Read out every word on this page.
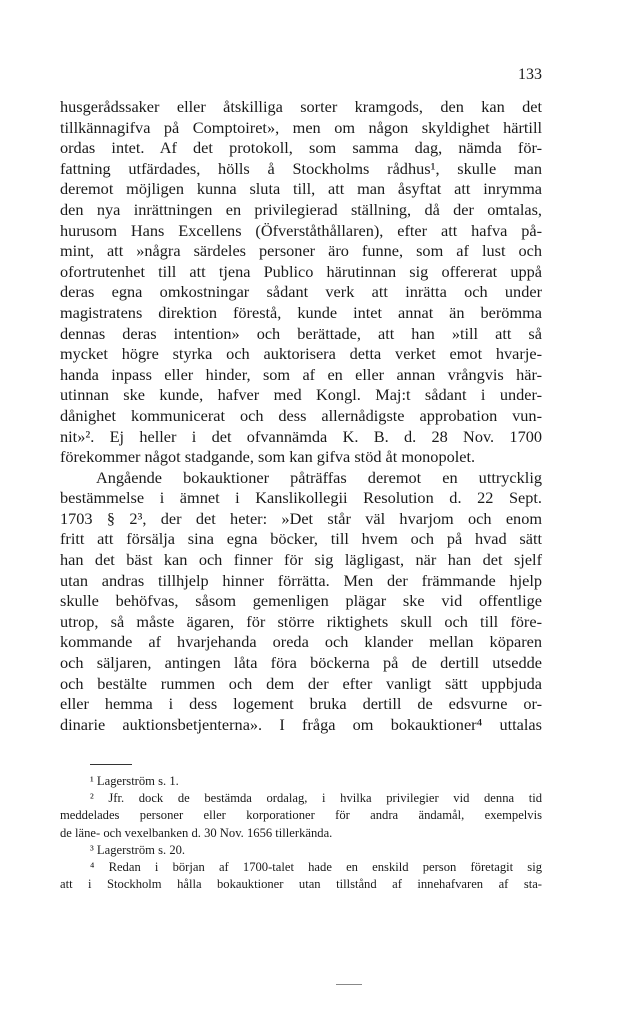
133
husgerådssaker eller åtskilliga sorter kramgods, den kan det
tillkännagifva på Comptoiret», men om någon skyldighet härtill
ordas intet. Af det protokoll, som samma dag, nämda för-
fattning utfärdades, hölls å Stockholms rådhus¹, skulle man
deremot möjligen kunna sluta till, att man åsyftat att inrymma
den nya inrättningen en privilegierad ställning, då der omtalas,
hurusom Hans Excellens (Öfverståthållaren), efter att hafva på-
mint, att »några särdeles personer äro funne, som af lust och
ofortrutenhet till att tjena Publico härutinnan sig offererat uppå
deras egna omkostningar sådant verk att inrätta och under
magistratens direktion förestå, kunde intet annat än berömma
dennas deras intention» och berättade, att han »till att så
mycket högre styrka och auktorisera detta verket emot hvarje-
handa inpass eller hinder, som af en eller annan vrångvis här-
utinnan ske kunde, hafver med Kongl. Maj:t sådant i under-
dånighet kommunicerat och dess allernådigste approbation vun-
nit»². Ej heller i det ofvannämda K. B. d. 28 Nov. 1700
förekommer något stadgande, som kan gifva stöd åt monopolet.
Angående bokauktioner påträffas deremot en uttrycklig
bestämmelse i ämnet i Kanslikollegii Resolution d. 22 Sept.
1703 § 2³, der det heter: »Det står väl hvarjom och enom
fritt att försälja sina egna böcker, till hvem och på hvad sätt
han det bäst kan och finner för sig lägligast, när han det sjelf
utan andras tillhjelp hinner förrätta. Men der främmande hjelp
skulle behöfvas, såsom gemenligen plägar ske vid offentlige
utrop, så måste ägaren, för större riktighets skull och till före-
kommande af hvarjehanda oreda och klander mellan köparen
och säljaren, antingen låta föra böckerna på de dertill utsedde
och bestälte rummen och dem der efter vanligt sätt uppbjuda
eller hemma i dess logement bruka dertill de edsvurne or-
dinarie auktionsbetjenterna». I fråga om bokauktioner⁴ uttalas
¹ Lagerström s. 1.
² Jfr. dock de bestämda ordalag, i hvilka privilegier vid denna tid
meddelades personer eller korporationer för andra ändamål, exempelvis
de läne- och vexelbanken d. 30 Nov. 1656 tillerkända.
³ Lagerström s. 20.
⁴ Redan i början af 1700-talet hade en enskild person företagit sig
att i Stockholm hålla bokauktioner utan tillstånd af innehafvaren af sta-
